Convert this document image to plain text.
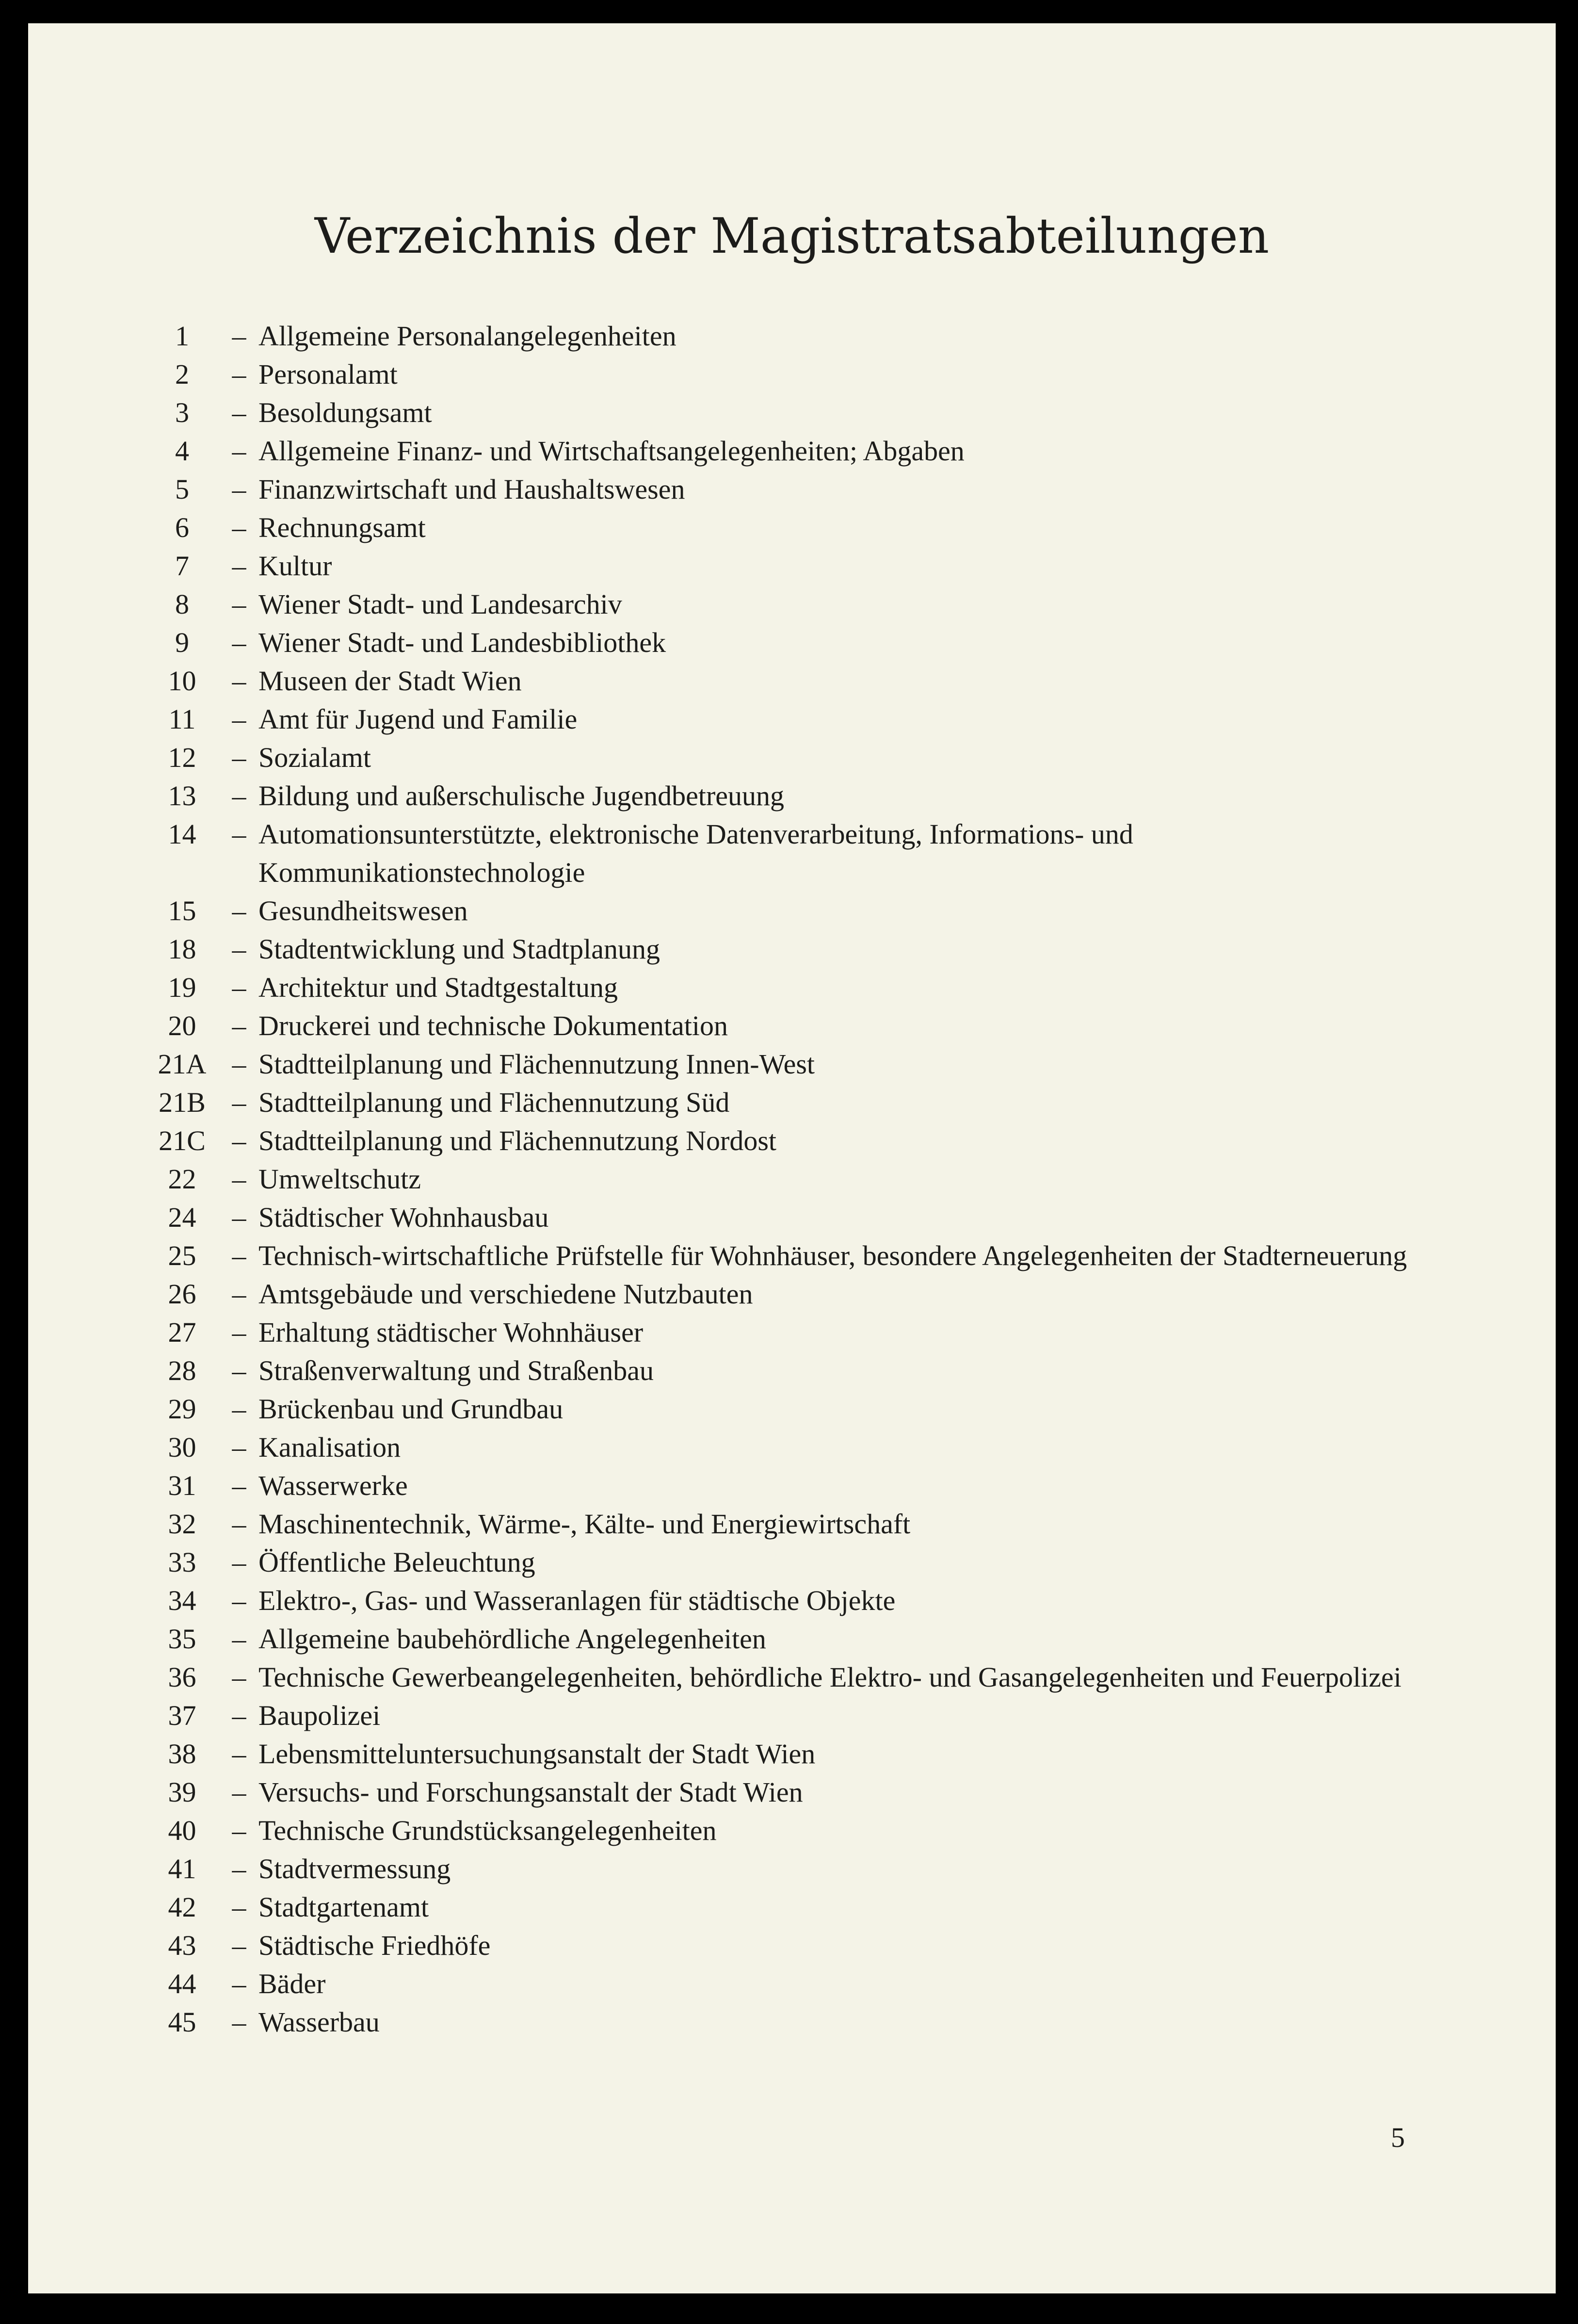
Verzeichnis der Magistratsabteilungen
1	– Allgemeine Personalangelegenheiten
2	– Personalamt
3	– Besoldungsamt
4	– Allgemeine Finanz- und Wirtschaftsangelegenheiten; Abgaben
5	– Finanzwirtschaft und Haushaltswesen
6	– Rechnungsamt
7	– Kultur
8	– Wiener Stadt- und Landesarchiv
9	– Wiener Stadt- und Landesbibliothek
10	– Museen der Stadt Wien
11	– Amt für Jugend und Familie
12	– Sozialamt
13	– Bildung und außerschulische Jugendbetreuung
14	– Automationsunterstützte, elektronische Datenverarbeitung, Informations- und Kommunikationstechnologie
15	– Gesundheitswesen
18	– Stadtentwicklung und Stadtplanung
19	– Architektur und Stadtgestaltung
20	– Druckerei und technische Dokumentation
21A – Stadtteilplanung und Flächennutzung Innen-West
21B – Stadtteilplanung und Flächennutzung Süd
21C – Stadtteilplanung und Flächennutzung Nordost
22	– Umweltschutz
24	– Städtischer Wohnhausbau
25	– Technisch-wirtschaftliche Prüfstelle für Wohnhäuser, besondere Angelegenheiten der Stadterneuerung
26	– Amtsgebäude und verschiedene Nutzbauten
27	– Erhaltung städtischer Wohnhäuser
28	– Straßenverwaltung und Straßenbau
29	– Brückenbau und Grundbau
30	– Kanalisation
31	– Wasserwerke
32	– Maschinentechnik, Wärme-, Kälte- und Energiewirtschaft
33	– Öffentliche Beleuchtung
34	– Elektro-, Gas- und Wasseranlagen für städtische Objekte
35	– Allgemeine baubehördliche Angelegenheiten
36	– Technische Gewerbeangelegenheiten, behördliche Elektro- und Gasangelegenheiten und Feuerpolizei
37	– Baupolizei
38	– Lebensmitteluntersuchungsanstalt der Stadt Wien
39	– Versuchs- und Forschungsanstalt der Stadt Wien
40	– Technische Grundstücksangelegenheiten
41	– Stadtvermessung
42	– Stadtgartenamt
43	– Städtische Friedhöfe
44	– Bäder
45	– Wasserbau
5
